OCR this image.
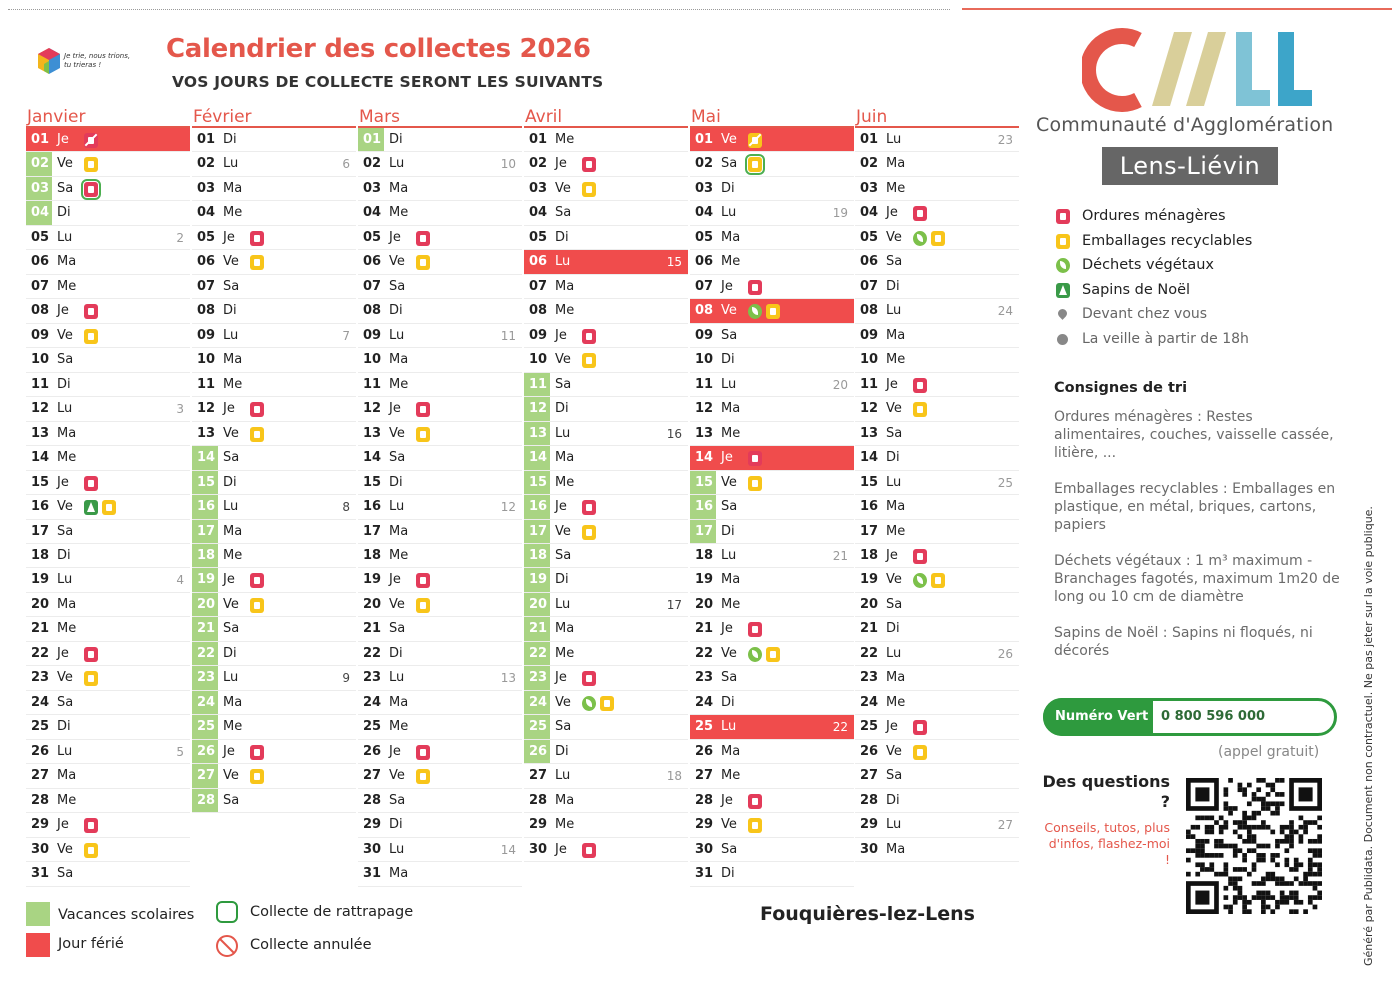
Je trie, nous trions, tu trieras !
Calendrier des collectes 2026
VOS JOURS DE COLLECTE SERONT LES SUIVANTS
Janvier
01 Je
02 Ve
03 Sa
04 Di
05 Lu	2
06 Ma
07 Me
08 Je
09 Ve
10 Sa
11 Di
12 Lu	3
13 Ma
14 Me
15 Je
16 Ve
17 Sa
18 Di
19 Lu	4
20 Ma
21 Me
22 Je
23 Ve
24 Sa
25 Di
26 Lu	5
27 Ma
28 Me
29 Je
30 Ve
31 Sa
Février
01 Di
02 Lu	6
03 Ma
04 Me
05 Je
06 Ve
07 Sa
08 Di
09 Lu	7
10 Ma
11 Me
12 Je
13 Ve
14 Sa
15 Di
16 Lu	8
17 Ma
18 Me
19 Je
20 Ve
21 Sa
22 Di
23 Lu	9
24 Ma
25 Me
26 Je
27 Ve
28 Sa
Mars
01 Di
02 Lu	10
03 Ma
04 Me
05 Je
06 Ve
07 Sa
08 Di
09 Lu	11
10 Ma
11 Me
12 Je
13 Ve
14 Sa
15 Di
16 Lu	12
17 Ma
18 Me
19 Je
20 Ve
21 Sa
22 Di
23 Lu	13
24 Ma
25 Me
26 Je
27 Ve
28 Sa
29 Di
30 Lu	14
31 Ma
Avril
01 Me
02 Je
03 Ve
04 Sa
05 Di
06 Lu	15
07 Ma
08 Me
09 Je
10 Ve
11 Sa
12 Di
13 Lu	16
14 Ma
15 Me
16 Je
17 Ve
18 Sa
19 Di
20 Lu	17
21 Ma
22 Me
23 Je
24 Ve
25 Sa
26 Di
27 Lu	18
28 Ma
29 Me
30 Je
Mai
01 Ve
02 Sa
03 Di
04 Lu	19
05 Ma
06 Me
07 Je
08 Ve
09 Sa
10 Di
11 Lu	20
12 Ma
13 Me
14 Je
15 Ve
16 Sa
17 Di
18 Lu	21
19 Ma
20 Me
21 Je
22 Ve
23 Sa
24 Di
25 Lu	22
26 Ma
27 Me
28 Je
29 Ve
30 Sa
31 Di
Juin
01 Lu	23
02 Ma
03 Me
04 Je
05 Ve
06 Sa
07 Di
08 Lu	24
09 Ma
10 Me
11 Je
12 Ve
13 Sa
14 Di
15 Lu	25
16 Ma
17 Me
18 Je
19 Ve
20 Sa
21 Di
22 Lu	26
23 Ma
24 Me
25 Je
26 Ve
27 Sa
28 Di
29 Lu	27
30 Ma
Vacances scolaires
Jour férié
Collecte de rattrapage
Collecte annulée
Fouquières-lez-Lens
Communauté d'Agglomération
Lens-Liévin
Ordures ménagères
Emballages recyclables
Déchets végétaux
Sapins de Noël
Devant chez vous
La veille à partir de 18h
Consignes de tri

Ordures ménagères : Restes alimentaires, couches, vaisselle cassée, litière, ...

Emballages recyclables : Emballages en plastique, en métal, briques, cartons, papiers

Déchets végétaux : 1 m³ maximum - Branchages fagotés, maximum 1m20 de long ou 10 cm de diamètre

Sapins de Noël : Sapins ni floqués, ni décorés

Numéro Vert 0 800 596 000
(appel gratuit)
Des questions ?
Conseils, tutos, plus d'infos, flashez-moi !	Généré par Publidata. Document non contractuel. Ne pas jeter sur la voie publique.
